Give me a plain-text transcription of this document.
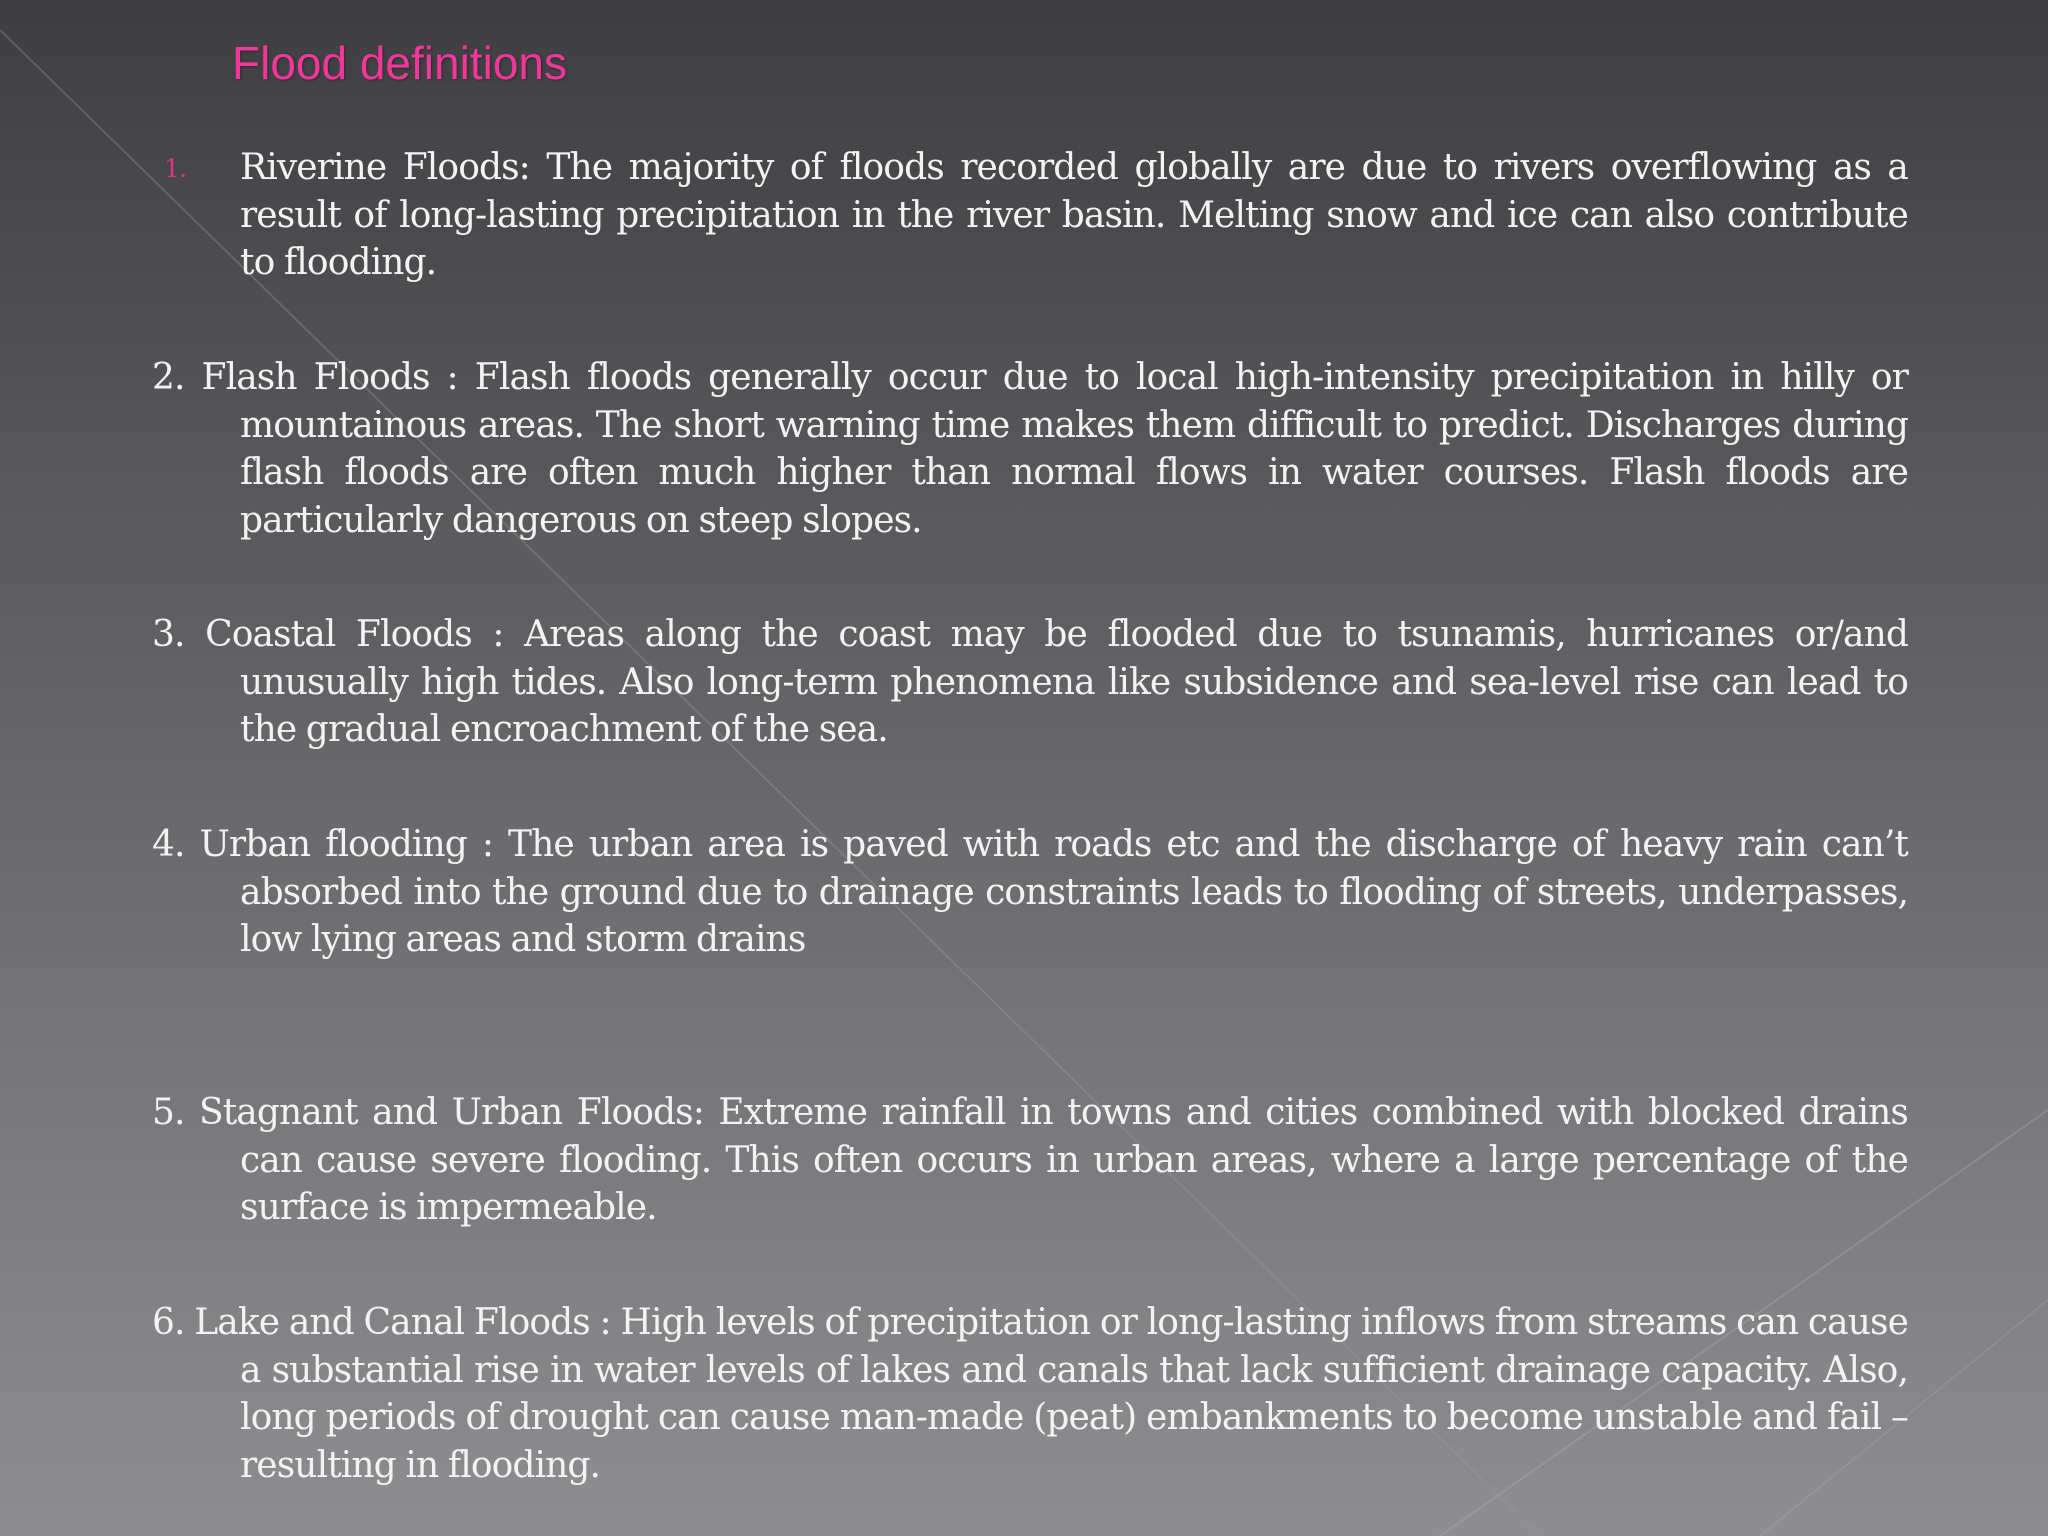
Flood definitions
1. Riverine Floods: The majority of floods recorded globally are due to rivers overflowing as a result of long-lasting precipitation in the river basin. Melting snow and ice can also contribute to flooding.
2. Flash Floods : Flash floods generally occur due to local high-intensity precipitation in hilly or mountainous areas. The short warning time makes them difficult to predict. Discharges during flash floods are often much higher than normal flows in water courses. Flash floods are particularly dangerous on steep slopes.
3. Coastal Floods : Areas along the coast may be flooded due to tsunamis, hurricanes or/and unusually high tides. Also long-term phenomena like subsidence and sea-level rise can lead to the gradual encroachment of the sea.
4. Urban flooding : The urban area is paved with roads etc and the discharge of heavy rain can’t absorbed into the ground due to drainage constraints leads to flooding of streets, underpasses, low lying areas and storm drains
5. Stagnant and Urban Floods: Extreme rainfall in towns and cities combined with blocked drains can cause severe flooding. This often occurs in urban areas, where a large percentage of the surface is impermeable.
6. Lake and Canal Floods : High levels of precipitation or long-lasting inflows from streams can cause a substantial rise in water levels of lakes and canals that lack sufficient drainage capacity. Also, long periods of drought can cause man-made (peat) embankments to become unstable and fail – resulting in flooding.
